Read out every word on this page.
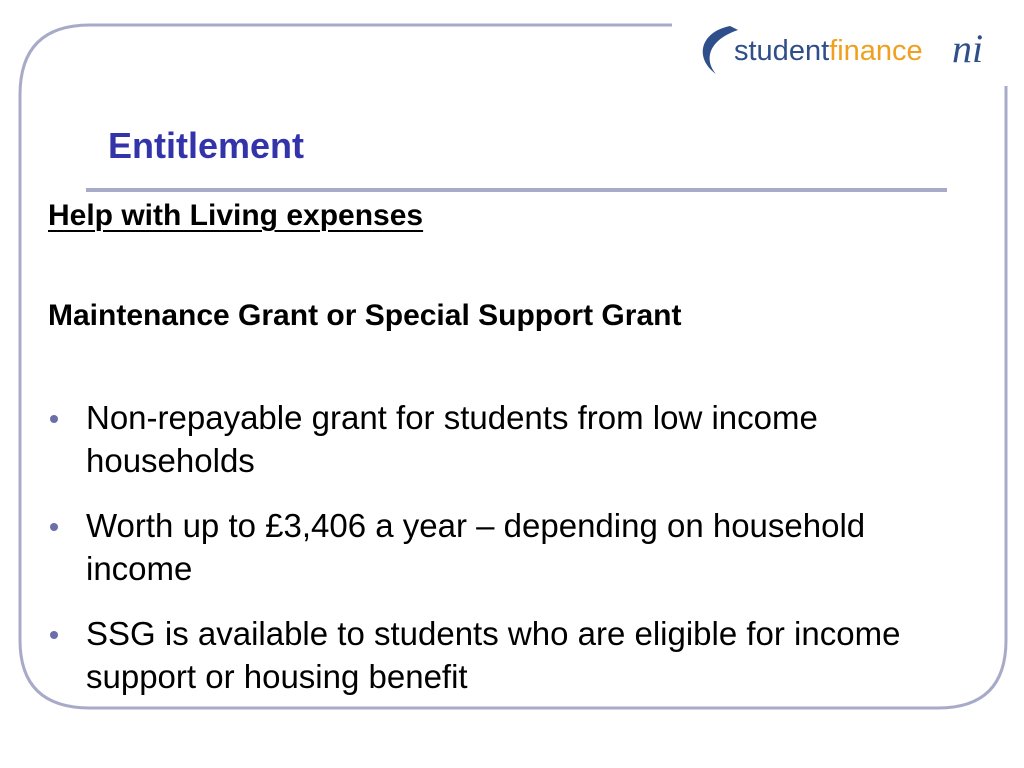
studentfinance ni
Entitlement
Help with Living expenses
Maintenance Grant or Special Support Grant
Non-repayable grant for students from low income households
Worth up to £3,406 a year – depending on household income
SSG is available to students who are eligible for income support or housing benefit
